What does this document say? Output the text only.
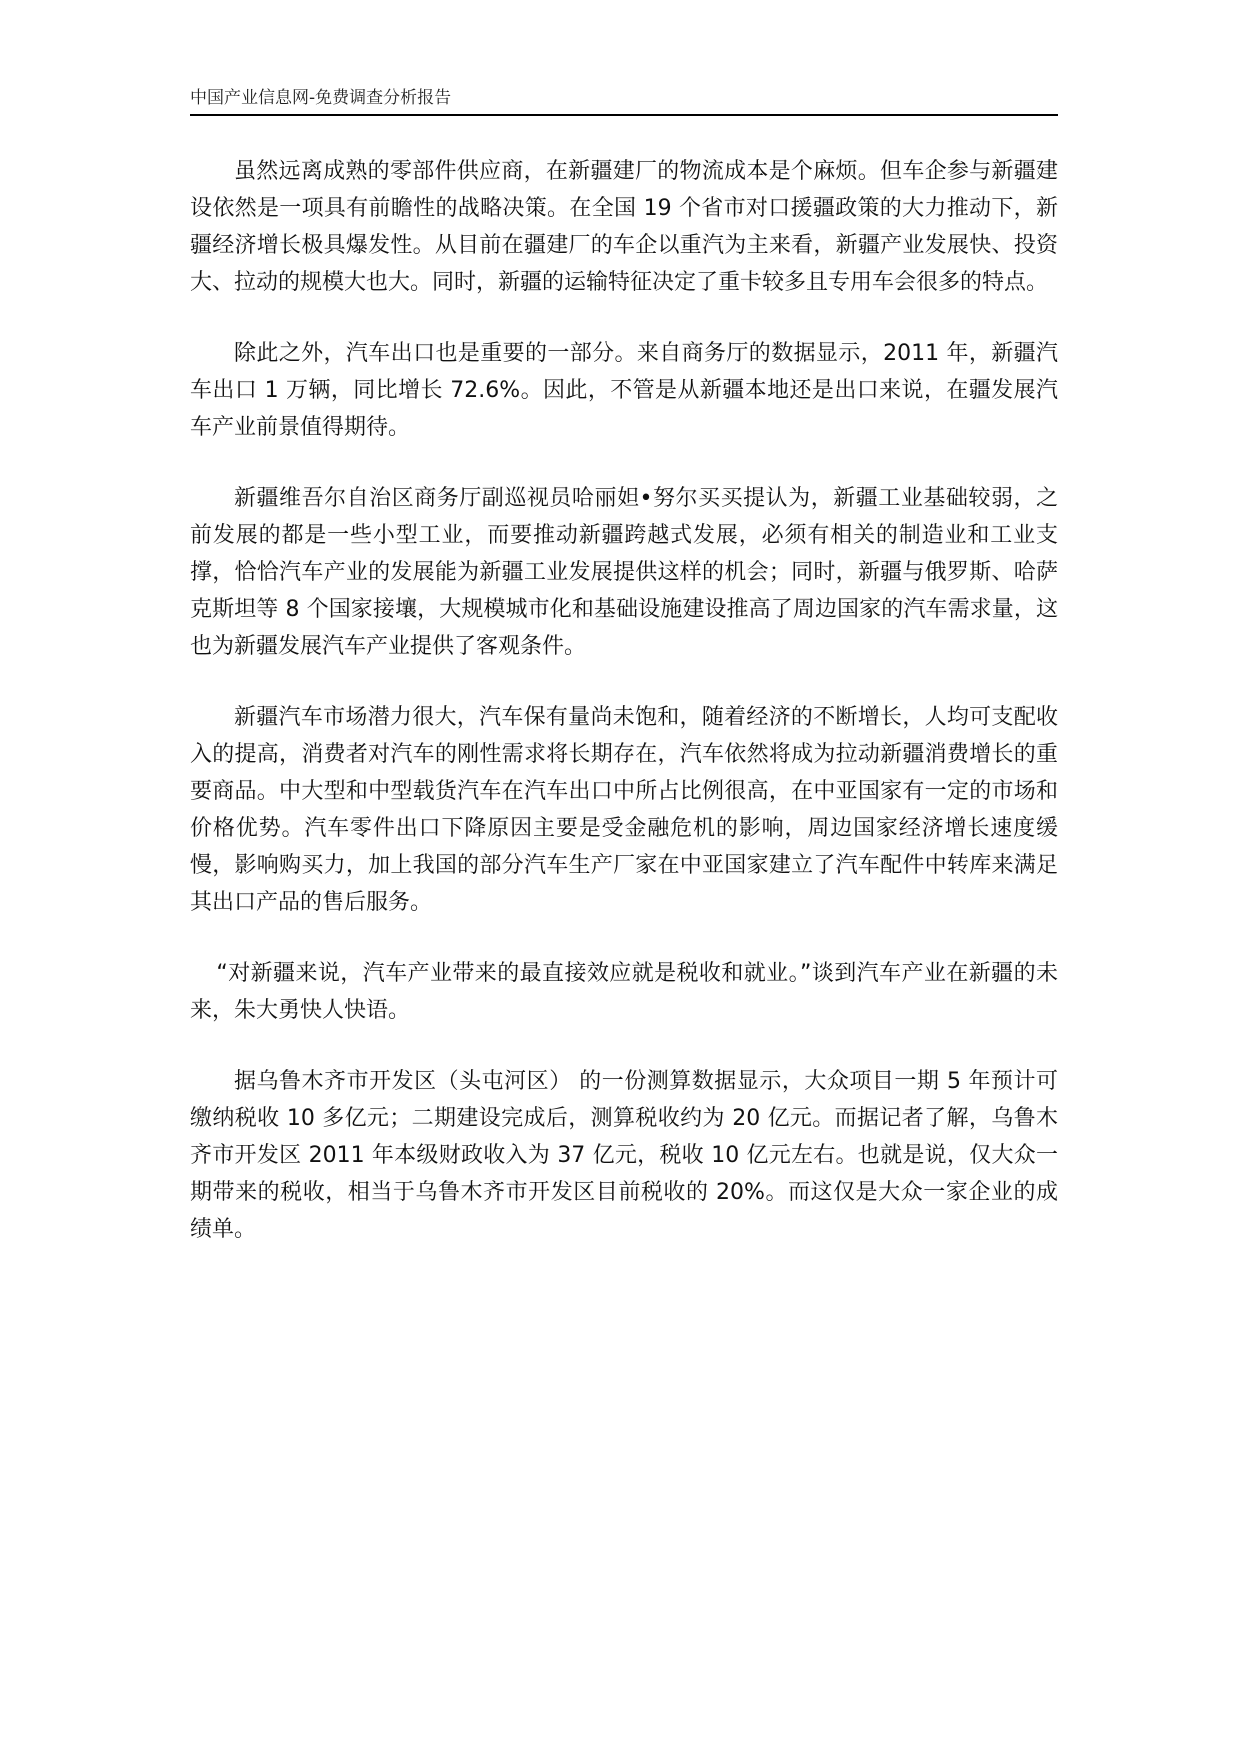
中国产业信息网-免费调查分析报告

虽然远离成熟的零部件供应商，在新疆建厂的物流成本是个麻烦。但车企参与新疆建设依然是一项具有前瞻性的战略决策。在全国 19 个省市对口援疆政策的大力推动下，新疆经济增长极具爆发性。从目前在疆建厂的车企以重汽为主来看，新疆产业发展快、投资大、拉动的规模大也大。同时，新疆的运输特征决定了重卡较多且专用车会很多的特点。

除此之外，汽车出口也是重要的一部分。来自商务厅的数据显示，2011 年，新疆汽车出口 1 万辆，同比增长 72.6%。因此，不管是从新疆本地还是出口来说，在疆发展汽车产业前景值得期待。

新疆维吾尔自治区商务厅副巡视员哈丽妲•努尔买买提认为，新疆工业基础较弱，之前发展的都是一些小型工业，而要推动新疆跨越式发展，必须有相关的制造业和工业支撑，恰恰汽车产业的发展能为新疆工业发展提供这样的机会；同时，新疆与俄罗斯、哈萨克斯坦等 8 个国家接壤，大规模城市化和基础设施建设推高了周边国家的汽车需求量，这也为新疆发展汽车产业提供了客观条件。

新疆汽车市场潜力很大，汽车保有量尚未饱和，随着经济的不断增长，人均可支配收入的提高，消费者对汽车的刚性需求将长期存在，汽车依然将成为拉动新疆消费增长的重要商品。中大型和中型载货汽车在汽车出口中所占比例很高，在中亚国家有一定的市场和价格优势。汽车零件出口下降原因主要是受金融危机的影响，周边国家经济增长速度缓慢，影响购买力，加上我国的部分汽车生产厂家在中亚国家建立了汽车配件中转库来满足其出口产品的售后服务。

“对新疆来说，汽车产业带来的最直接效应就是税收和就业。”谈到汽车产业在新疆的未来，朱大勇快人快语。

据乌鲁木齐市开发区（头屯河区） 的一份测算数据显示，大众项目一期 5 年预计可缴纳税收 10 多亿元；二期建设完成后，测算税收约为 20 亿元。而据记者了解，乌鲁木齐市开发区 2011 年本级财政收入为 37 亿元，税收 10 亿元左右。也就是说，仅大众一期带来的税收，相当于乌鲁木齐市开发区目前税收的 20%。而这仅是大众一家企业的成绩单。
